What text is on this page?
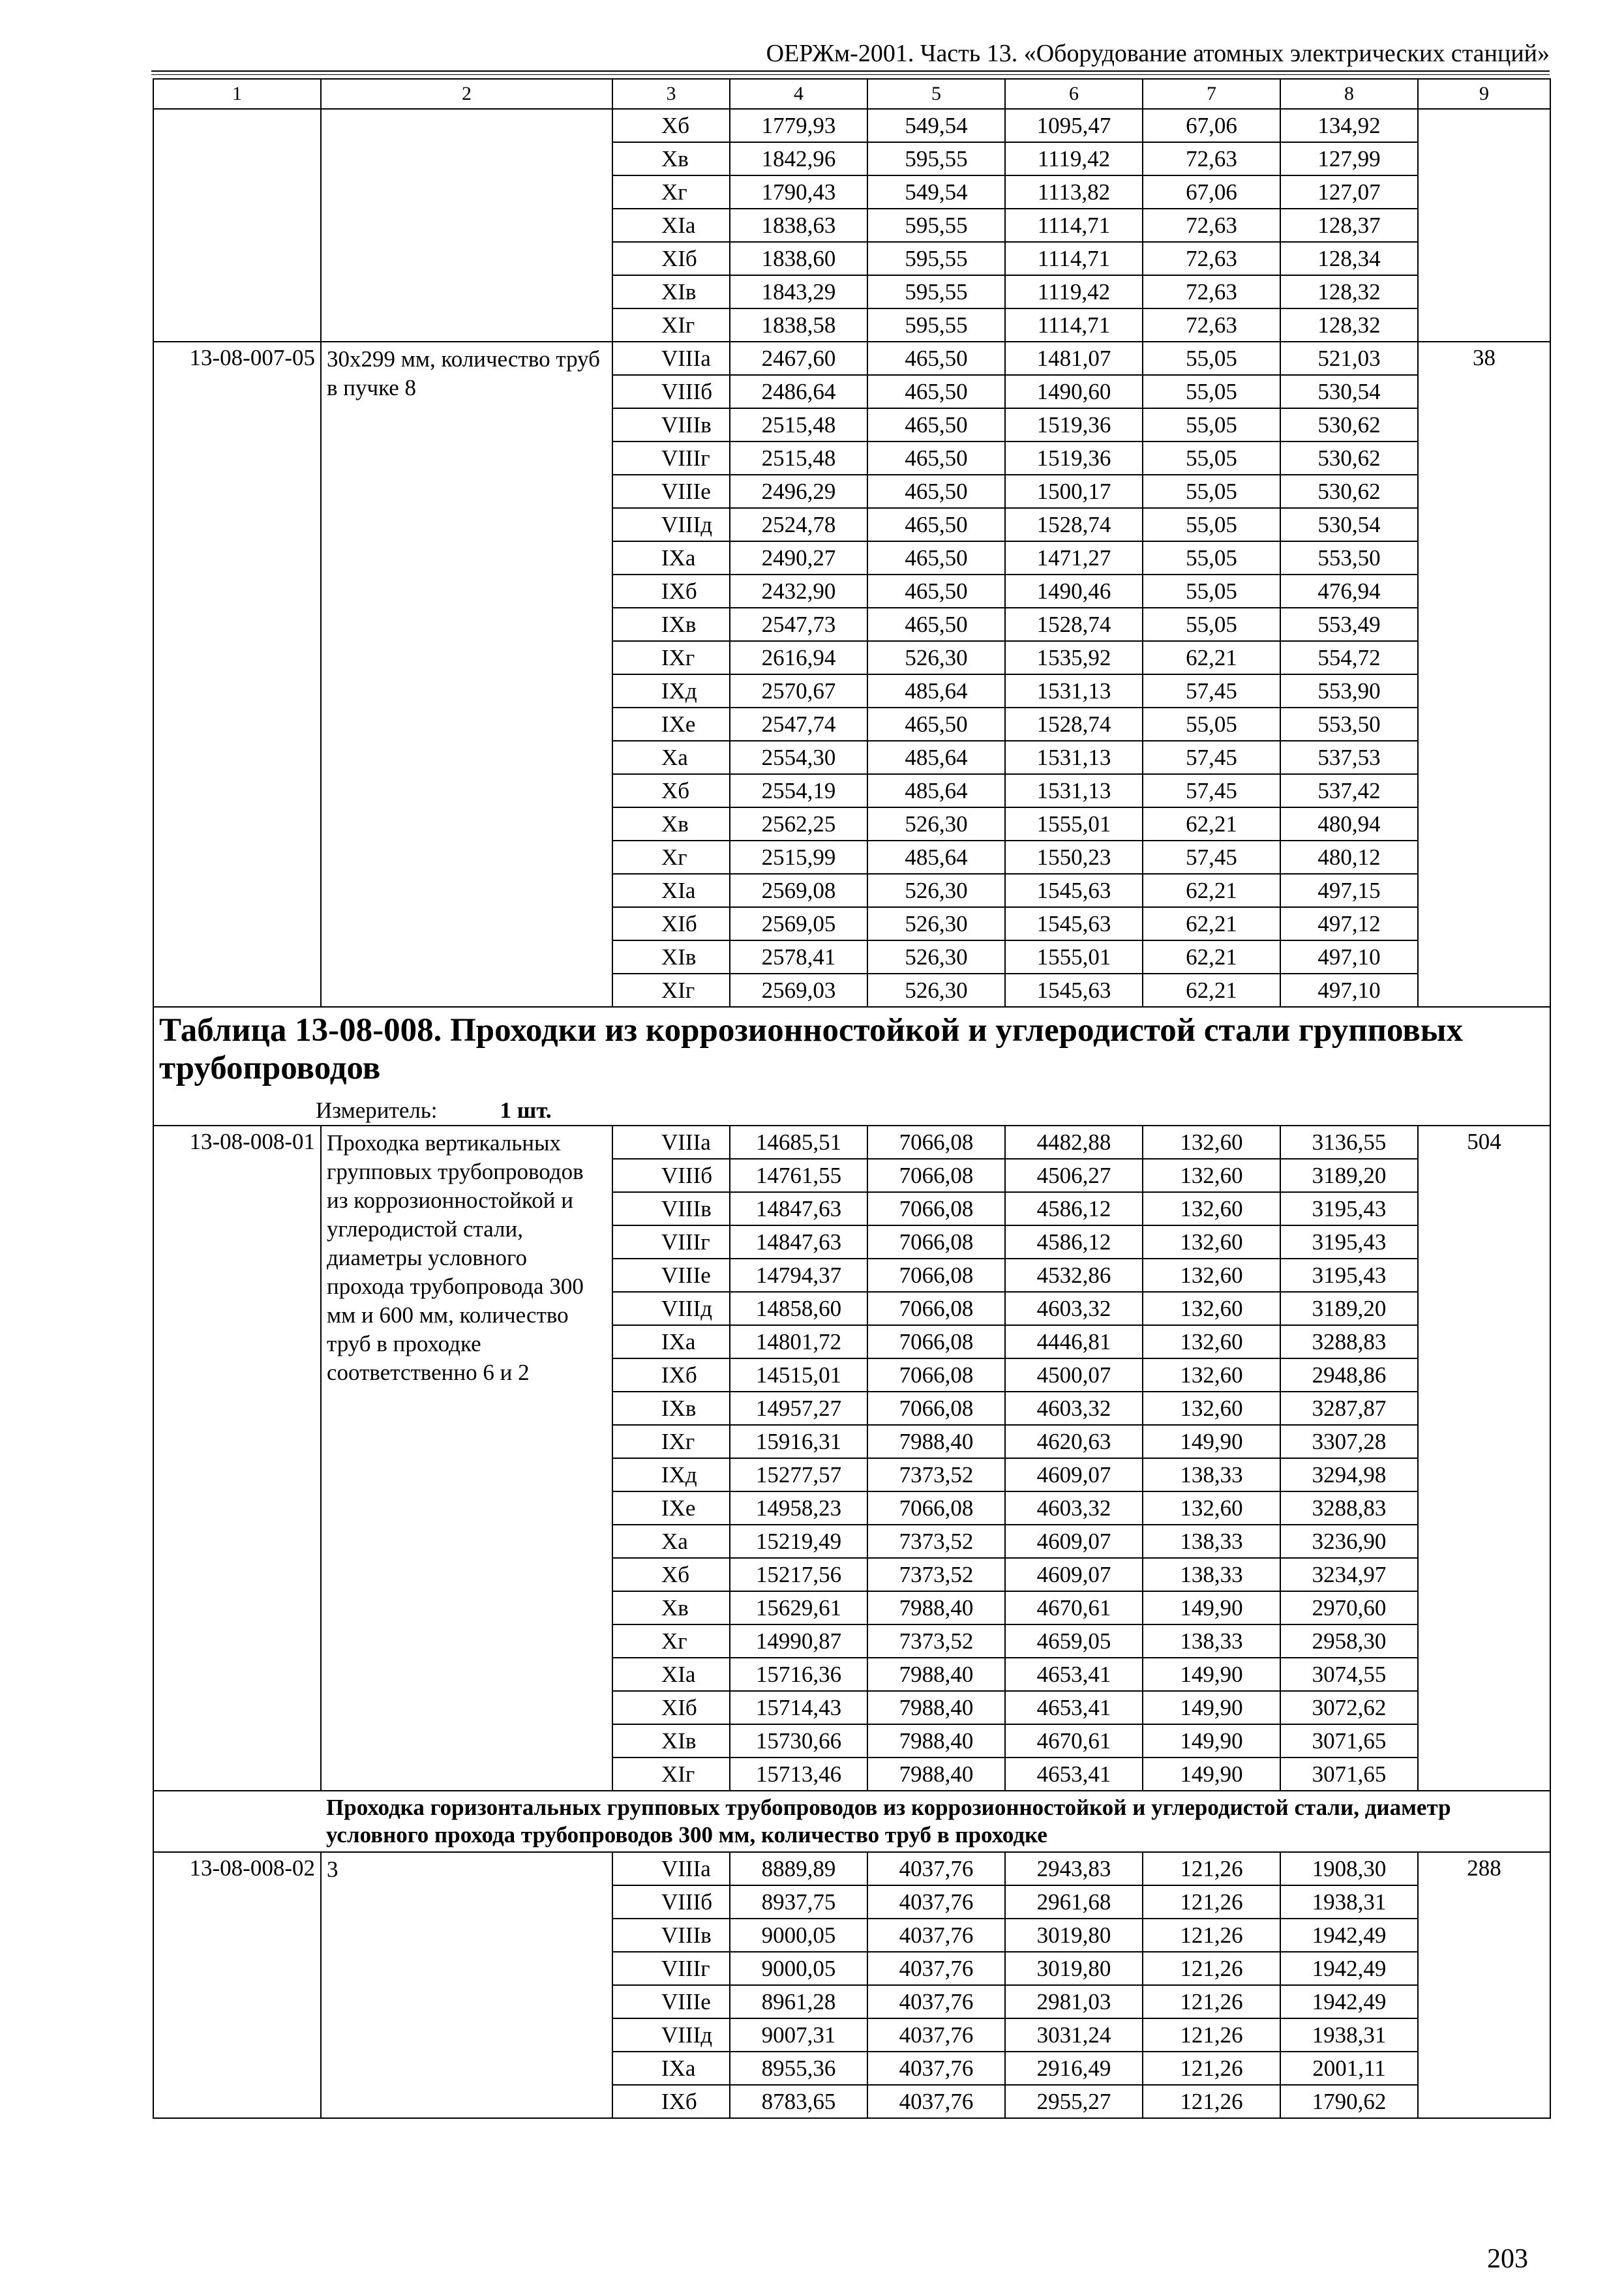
ОЕРЖм-2001. Часть 13. «Оборудование атомных электрических станций»
1	2	3	4	5	6	7	8	9
		Xб	1779,93	549,54	1095,47	67,06	134,92	
		Xв	1842,96	595,55	1119,42	72,63	127,99	
		Xг	1790,43	549,54	1113,82	67,06	127,07	
		XIа	1838,63	595,55	1114,71	72,63	128,37	
		XIб	1838,60	595,55	1114,71	72,63	128,34	
		XIв	1843,29	595,55	1119,42	72,63	128,32	
		XIг	1838,58	595,55	1114,71	72,63	128,32	
13-08-007-05	30х299 мм, количество труб в пучке 8	VIIIа	2467,60	465,50	1481,07	55,05	521,03	38
		VIIIб	2486,64	465,50	1490,60	55,05	530,54	
		VIIIв	2515,48	465,50	1519,36	55,05	530,62	
		VIIIг	2515,48	465,50	1519,36	55,05	530,62	
		VIIIе	2496,29	465,50	1500,17	55,05	530,62	
		VIIIд	2524,78	465,50	1528,74	55,05	530,54	
		IXа	2490,27	465,50	1471,27	55,05	553,50	
		IXб	2432,90	465,50	1490,46	55,05	476,94	
		IXв	2547,73	465,50	1528,74	55,05	553,49	
		IXг	2616,94	526,30	1535,92	62,21	554,72	
		IXд	2570,67	485,64	1531,13	57,45	553,90	
		IXе	2547,74	465,50	1528,74	55,05	553,50	
		Xа	2554,30	485,64	1531,13	57,45	537,53	
		Xб	2554,19	485,64	1531,13	57,45	537,42	
		Xв	2562,25	526,30	1555,01	62,21	480,94	
		Xг	2515,99	485,64	1550,23	57,45	480,12	
		XIа	2569,08	526,30	1545,63	62,21	497,15	
		XIб	2569,05	526,30	1545,63	62,21	497,12	
		XIв	2578,41	526,30	1555,01	62,21	497,10	
		XIг	2569,03	526,30	1545,63	62,21	497,10	
Таблица 13-08-008. Проходки из коррозионностойкой и углеродистой стали групповых трубопроводов								
Измеритель: 1 шт.								
13-08-008-01	Проходка вертикальных групповых трубопроводов из коррозионностойкой и углеродистой стали, диаметры условного прохода трубопровода 300 мм и 600 мм, количество труб в проходке соответственно 6 и 2	VIIIа	14685,51	7066,08	4482,88	132,60	3136,55	504
		VIIIб	14761,55	7066,08	4506,27	132,60	3189,20	
		VIIIв	14847,63	7066,08	4586,12	132,60	3195,43	
		VIIIг	14847,63	7066,08	4586,12	132,60	3195,43	
		VIIIе	14794,37	7066,08	4532,86	132,60	3195,43	
		VIIIд	14858,60	7066,08	4603,32	132,60	3189,20	
		IXа	14801,72	7066,08	4446,81	132,60	3288,83	
		IXб	14515,01	7066,08	4500,07	132,60	2948,86	
		IXв	14957,27	7066,08	4603,32	132,60	3287,87	
		IXг	15916,31	7988,40	4620,63	149,90	3307,28	
		IXд	15277,57	7373,52	4609,07	138,33	3294,98	
		IXе	14958,23	7066,08	4603,32	132,60	3288,83	
		Xа	15219,49	7373,52	4609,07	138,33	3236,90	
		Xб	15217,56	7373,52	4609,07	138,33	3234,97	
		Xв	15629,61	7988,40	4670,61	149,90	2970,60	
		Xг	14990,87	7373,52	4659,05	138,33	2958,30	
		XIа	15716,36	7988,40	4653,41	149,90	3074,55	
		XIб	15714,43	7988,40	4653,41	149,90	3072,62	
		XIв	15730,66	7988,40	4670,61	149,90	3071,65	
		XIг	15713,46	7988,40	4653,41	149,90	3071,65	
	Проходка горизонтальных групповых трубопроводов из коррозионностойкой и углеродистой стали, диаметр условного прохода трубопроводов 300 мм, количество труб в проходке							
13-08-008-02	3	VIIIа	8889,89	4037,76	2943,83	121,26	1908,30	288
		VIIIб	8937,75	4037,76	2961,68	121,26	1938,31	
		VIIIв	9000,05	4037,76	3019,80	121,26	1942,49	
		VIIIг	9000,05	4037,76	3019,80	121,26	1942,49	
		VIIIе	8961,28	4037,76	2981,03	121,26	1942,49	
		VIIIд	9007,31	4037,76	3031,24	121,26	1938,31	
		IXа	8955,36	4037,76	2916,49	121,26	2001,11	
		IXб	8783,65	4037,76	2955,27	121,26	1790,62	
203
